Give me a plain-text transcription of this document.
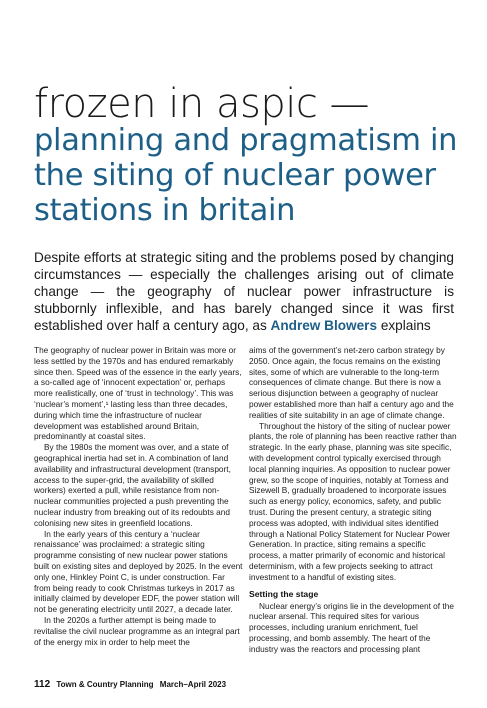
frozen in aspic —
planning and pragmatism in the siting of nuclear power stations in britain

Despite efforts at strategic siting and the problems posed by changing circumstances — especially the challenges arising out of climate change — the geography of nuclear power infrastructure is stubbornly inflexible, and has barely changed since it was first established over half a century ago, as Andrew Blowers explains

The geography of nuclear power in Britain was more or less settled by the 1970s and has endured remarkably since then. Speed was of the essence in the early years, a so-called age of ‘innocent expectation’ or, perhaps more realistically, one of ‘trust in technology’. This was ‘nuclear’s moment’,¹ lasting less than three decades, during which time the infrastructure of nuclear development was established around Britain, predominantly at coastal sites.

By the 1980s the moment was over, and a state of geographical inertia had set in. A combination of land availability and infrastructural development (transport, access to the super-grid, the availability of skilled workers) exerted a pull, while resistance from non-nuclear communities projected a push preventing the nuclear industry from breaking out of its redoubts and colonising new sites in greenfield locations.

In the early years of this century a ‘nuclear renaissance’ was proclaimed: a strategic siting programme consisting of new nuclear power stations built on existing sites and deployed by 2025. In the event only one, Hinkley Point C, is under construction. Far from being ready to cook Christmas turkeys in 2017 as initially claimed by developer EDF, the power station will not be generating electricity until 2027, a decade later.

In the 2020s a further attempt is being made to revitalise the civil nuclear programme as an integral part of the energy mix in order to help meet the

aims of the government’s net-zero carbon strategy by 2050. Once again, the focus remains on the existing sites, some of which are vulnerable to the long-term consequences of climate change. But there is now a serious disjunction between a geography of nuclear power established more than half a century ago and the realities of site suitability in an age of climate change.

Throughout the history of the siting of nuclear power plants, the role of planning has been reactive rather than strategic. In the early phase, planning was site specific, with development control typically exercised through local planning inquiries. As opposition to nuclear power grew, so the scope of inquiries, notably at Torness and Sizewell B, gradually broadened to incorporate issues such as energy policy, economics, safety, and public trust. During the present century, a strategic siting process was adopted, with individual sites identified through a National Policy Statement for Nuclear Power Generation. In practice, siting remains a specific process, a matter primarily of economic and historical determinism, with a few projects seeking to attract investment to a handful of existing sites.

Setting the stage

Nuclear energy’s origins lie in the development of the nuclear arsenal. This required sites for various processes, including uranium enrichment, fuel processing, and bomb assembly. The heart of the industry was the reactors and processing plant

112 Town & Country Planning March–April 2023
